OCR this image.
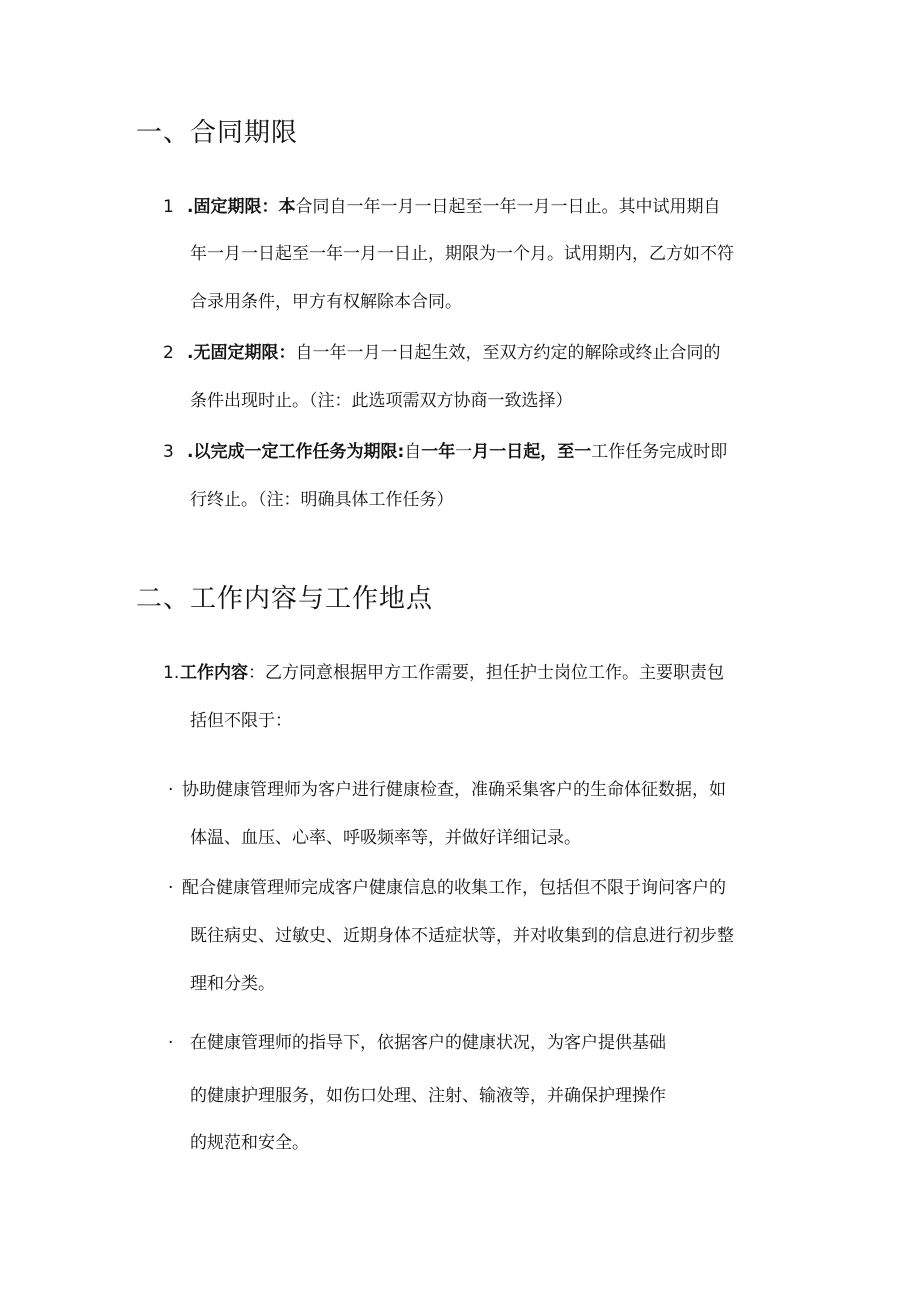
一、合同期限
1 .固定期限：本合同自一年一月一日起至一年一月一日止。其中试用期自
年一月一日起至一年一月一日止，期限为一个月。试用期内，乙方如不符
合录用条件，甲方有权解除本合同。
2 .无固定期限：自一年一月一日起生效，至双方约定的解除或终止合同的
条件出现时止。（注：此选项需双方协商一致选择）
3 .以完成一定工作任务为期限:自一年一月一日起，至一工作任务完成时即
行终止。（注：明确具体工作任务）
二、工作内容与工作地点
1. 工作内容：乙方同意根据甲方工作需要，担任护士岗位工作。主要职责包
括但不限于：
· 协助健康管理师为客户进行健康检查，准确采集客户的生命体征数据，如
体温、血压、心率、呼吸频率等，并做好详细记录。
· 配合健康管理师完成客户健康信息的收集工作，包括但不限于询问客户的
既往病史、过敏史、近期身体不适症状等，并对收集到的信息进行初步整
理和分类。
· 在健康管理师的指导下，依据客户的健康状况，为客户提供基础
的健康护理服务，如伤口处理、注射、输液等，并确保护理操作
的规范和安全。
